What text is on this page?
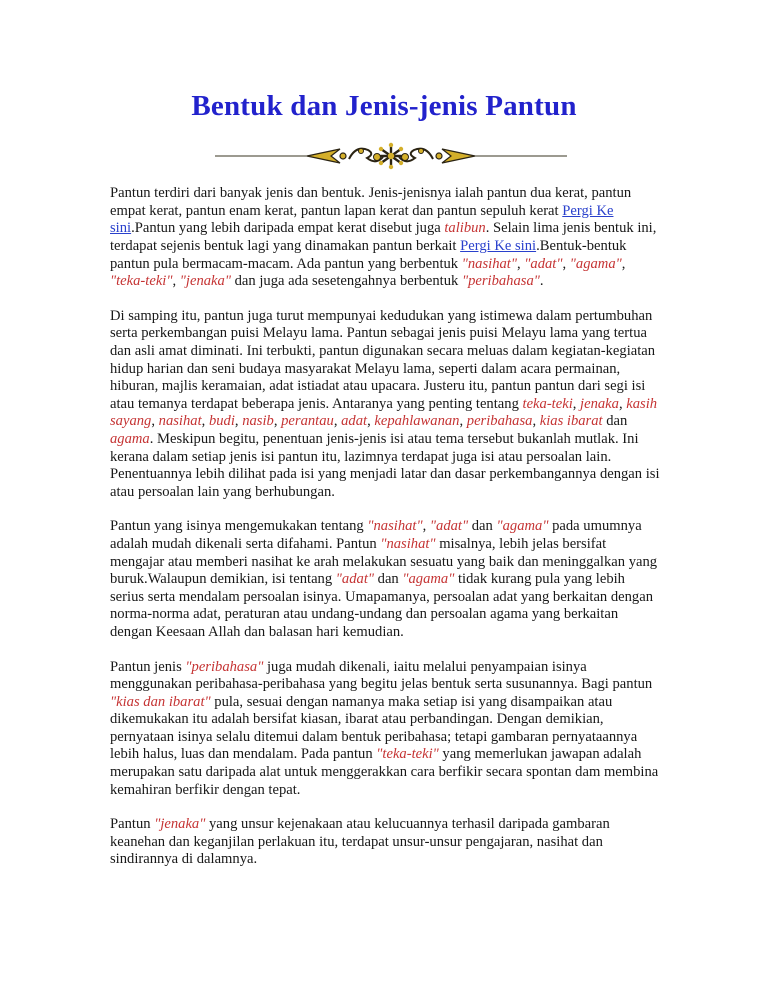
Bentuk dan Jenis-jenis Pantun

Pantun terdiri dari banyak jenis dan bentuk. Jenis-jenisnya ialah pantun dua kerat, pantun empat kerat, pantun enam kerat, pantun lapan kerat dan pantun sepuluh kerat Pergi Ke sini.Pantun yang lebih daripada empat kerat disebut juga talibun. Selain lima jenis bentuk ini, terdapat sejenis bentuk lagi yang dinamakan pantun berkait Pergi Ke sini.Bentuk-bentuk pantun pula bermacam-macam. Ada pantun yang berbentuk "nasihat", "adat", "agama", "teka-teki", "jenaka" dan juga ada sesetengahnya berbentuk "peribahasa".

Di samping itu, pantun juga turut mempunyai kedudukan yang istimewa dalam pertumbuhan serta perkembangan puisi Melayu lama. Pantun sebagai jenis puisi Melayu lama yang tertua dan asli amat diminati. Ini terbukti, pantun digunakan secara meluas dalam kegiatan-kegiatan hidup harian dan seni budaya masyarakat Melayu lama, seperti dalam acara permainan, hiburan, majlis keramaian, adat istiadat atau upacara. Justeru itu, pantun pantun dari segi isi atau temanya terdapat beberapa jenis. Antaranya yang penting tentang teka-teki, jenaka, kasih sayang, nasihat, budi, nasib, perantau, adat, kepahlawanan, peribahasa, kias ibarat dan agama. Meskipun begitu, penentuan jenis-jenis isi atau tema tersebut bukanlah mutlak. Ini kerana dalam setiap jenis isi pantun itu, lazimnya terdapat juga isi atau persoalan lain. Penentuannya lebih dilihat pada isi yang menjadi latar dan dasar perkembangannya dengan isi atau persoalan lain yang berhubungan.

Pantun yang isinya mengemukakan tentang "nasihat", "adat" dan "agama" pada umumnya adalah mudah dikenali serta difahami. Pantun "nasihat" misalnya, lebih jelas bersifat mengajar atau memberi nasihat ke arah melakukan sesuatu yang baik dan meninggalkan yang buruk.Walaupun demikian, isi tentang "adat" dan "agama" tidak kurang pula yang lebih serius serta mendalam persoalan isinya. Umapamanya, persoalan adat yang berkaitan dengan norma-norma adat, peraturan atau undang-undang dan persoalan agama yang berkaitan dengan Keesaan Allah dan balasan hari kemudian.

Pantun jenis "peribahasa" juga mudah dikenali, iaitu melalui penyampaian isinya menggunakan peribahasa-peribahasa yang begitu jelas bentuk serta susunannya. Bagi pantun "kias dan ibarat" pula, sesuai dengan namanya maka setiap isi yang disampaikan atau dikemukakan itu adalah bersifat kiasan, ibarat atau perbandingan. Dengan demikian, pernyataan isinya selalu ditemui dalam bentuk peribahasa; tetapi gambaran pernyataannya lebih halus, luas dan mendalam. Pada pantun "teka-teki" yang memerlukan jawapan adalah merupakan satu daripada alat untuk menggerakkan cara berfikir secara spontan dam membina kemahiran berfikir dengan tepat.

Pantun "jenaka" yang unsur kejenakaan atau kelucuannya terhasil daripada gambaran keanehan dan keganjilan perlakuan itu, terdapat unsur-unsur pengajaran, nasihat dan sindirannya di dalamnya.
